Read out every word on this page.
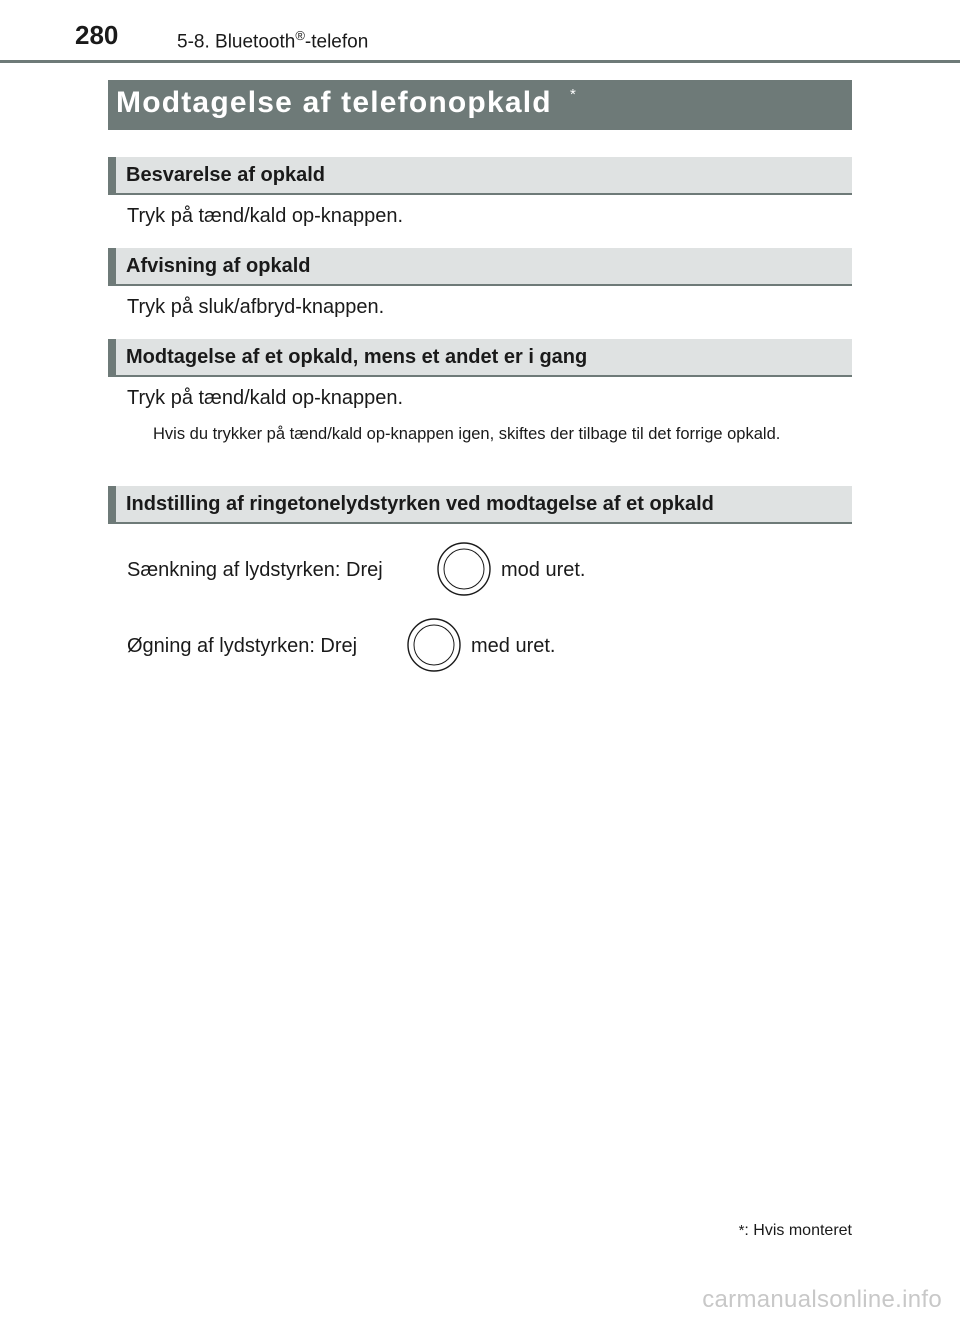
280	5-8. Bluetooth®-telefon
Modtagelse af telefonopkald *
Besvarelse af opkald
Tryk på tænd/kald op-knappen.
Afvisning af opkald
Tryk på sluk/afbryd-knappen.
Modtagelse af et opkald, mens et andet er i gang
Tryk på tænd/kald op-knappen.
Hvis du trykker på tænd/kald op-knappen igen, skiftes der tilbage til det forrige opkald.
Indstilling af ringetonelydstyrken ved modtagelse af et opkald
Sænkning af lydstyrken: Drej	mod uret.
Øgning af lydstyrken: Drej	med uret.
*: Hvis monteret
carmanualsonline.info
